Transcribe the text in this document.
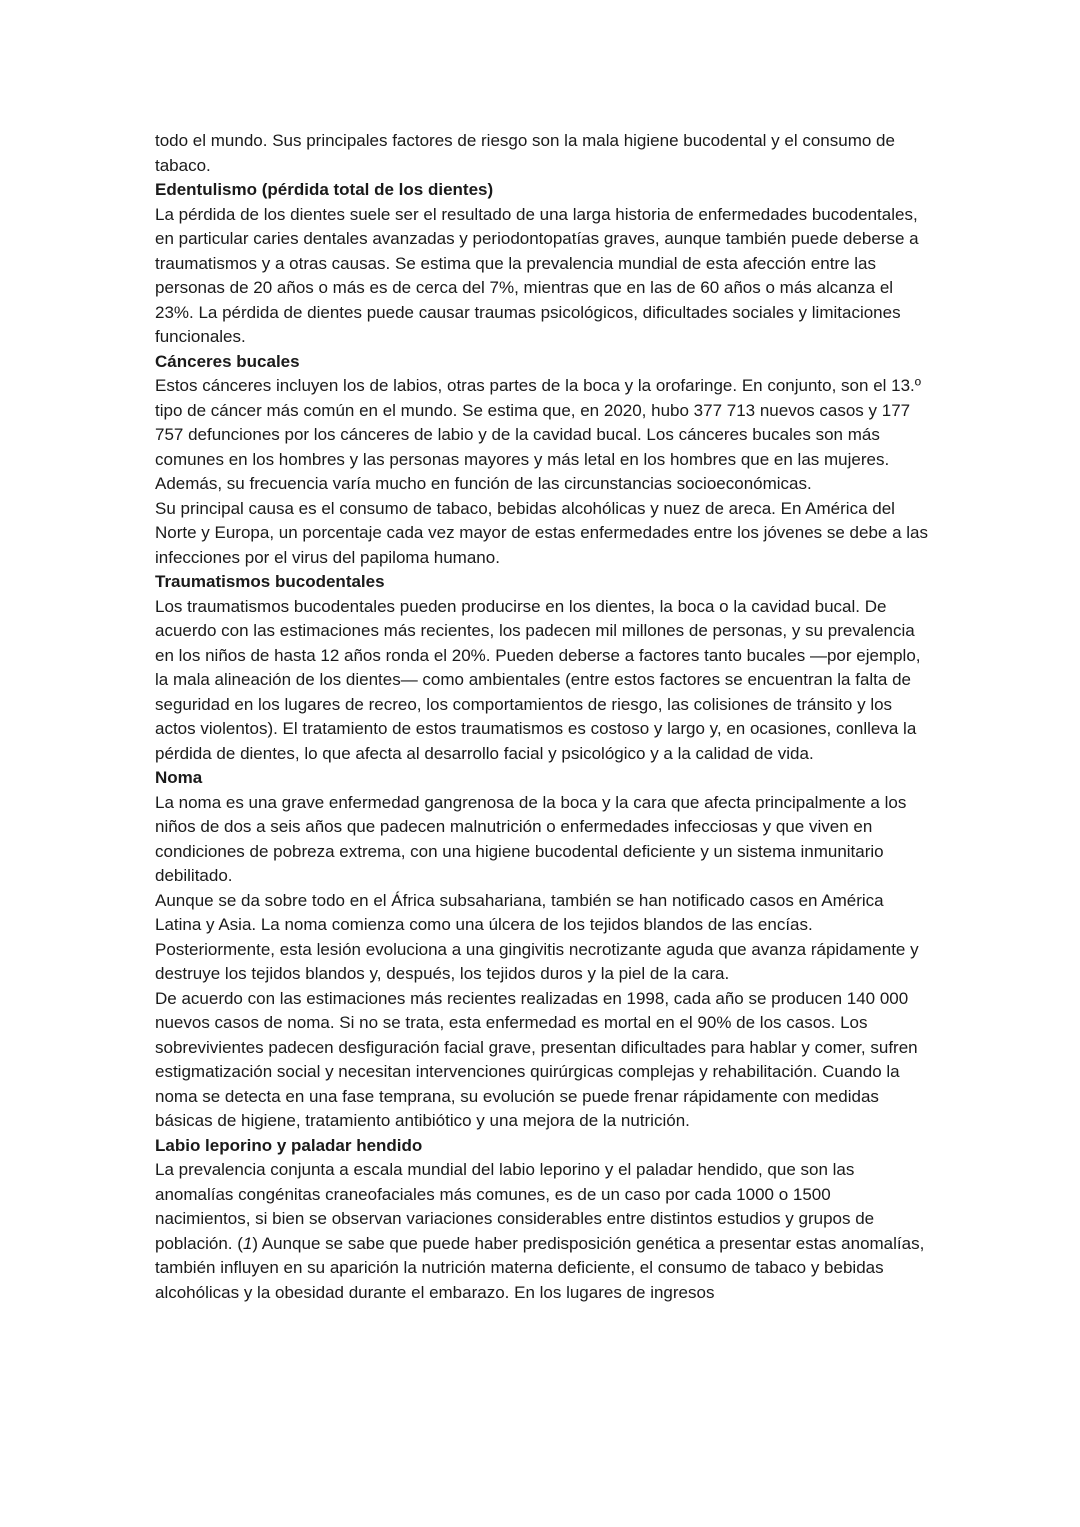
todo el mundo. Sus principales factores de riesgo son la mala higiene bucodental y el consumo de tabaco.

Edentulismo (pérdida total de los dientes)

La pérdida de los dientes suele ser el resultado de una larga historia de enfermedades bucodentales, en particular caries dentales avanzadas y periodontopatías graves, aunque también puede deberse a traumatismos y a otras causas. Se estima que la prevalencia mundial de esta afección entre las personas de 20 años o más es de cerca del 7%, mientras que en las de 60 años o más alcanza el 23%. La pérdida de dientes puede causar traumas psicológicos, dificultades sociales y limitaciones funcionales.

Cánceres bucales

Estos cánceres incluyen los de labios, otras partes de la boca y la orofaringe. En conjunto, son el 13.º tipo de cáncer más común en el mundo. Se estima que, en 2020, hubo 377 713 nuevos casos y 177 757 defunciones por los cánceres de labio y de la cavidad bucal. Los cánceres bucales son más comunes en los hombres y las personas mayores y más letal en los hombres que en las mujeres. Además, su frecuencia varía mucho en función de las circunstancias socioeconómicas.

Su principal causa es el consumo de tabaco, bebidas alcohólicas y nuez de areca. En América del Norte y Europa, un porcentaje cada vez mayor de estas enfermedades entre los jóvenes se debe a las infecciones por el virus del papiloma humano.

Traumatismos bucodentales

Los traumatismos bucodentales pueden producirse en los dientes, la boca o la cavidad bucal. De acuerdo con las estimaciones más recientes, los padecen mil millones de personas, y su prevalencia en los niños de hasta 12 años ronda el 20%. Pueden deberse a factores tanto bucales —por ejemplo, la mala alineación de los dientes— como ambientales (entre estos factores se encuentran la falta de seguridad en los lugares de recreo, los comportamientos de riesgo, las colisiones de tránsito y los actos violentos). El tratamiento de estos traumatismos es costoso y largo y, en ocasiones, conlleva la pérdida de dientes, lo que afecta al desarrollo facial y psicológico y a la calidad de vida.

Noma

La noma es una grave enfermedad gangrenosa de la boca y la cara que afecta principalmente a los niños de dos a seis años que padecen malnutrición o enfermedades infecciosas y que viven en condiciones de pobreza extrema, con una higiene bucodental deficiente y un sistema inmunitario debilitado.

Aunque se da sobre todo en el África subsahariana, también se han notificado casos en América Latina y Asia. La noma comienza como una úlcera de los tejidos blandos de las encías. Posteriormente, esta lesión evoluciona a una gingivitis necrotizante aguda que avanza rápidamente y destruye los tejidos blandos y, después, los tejidos duros y la piel de la cara.

De acuerdo con las estimaciones más recientes realizadas en 1998, cada año se producen 140 000 nuevos casos de noma. Si no se trata, esta enfermedad es mortal en el 90% de los casos. Los sobrevivientes padecen desfiguración facial grave, presentan dificultades para hablar y comer, sufren estigmatización social y necesitan intervenciones quirúrgicas complejas y rehabilitación. Cuando la noma se detecta en una fase temprana, su evolución se puede frenar rápidamente con medidas básicas de higiene, tratamiento antibiótico y una mejora de la nutrición.

Labio leporino y paladar hendido

La prevalencia conjunta a escala mundial del labio leporino y el paladar hendido, que son las anomalías congénitas craneofaciales más comunes, es de un caso por cada 1000 o 1500 nacimientos, si bien se observan variaciones considerables entre distintos estudios y grupos de población. (1) Aunque se sabe que puede haber predisposición genética a presentar estas anomalías, también influyen en su aparición la nutrición materna deficiente, el consumo de tabaco y bebidas alcohólicas y la obesidad durante el embarazo. En los lugares de ingresos
